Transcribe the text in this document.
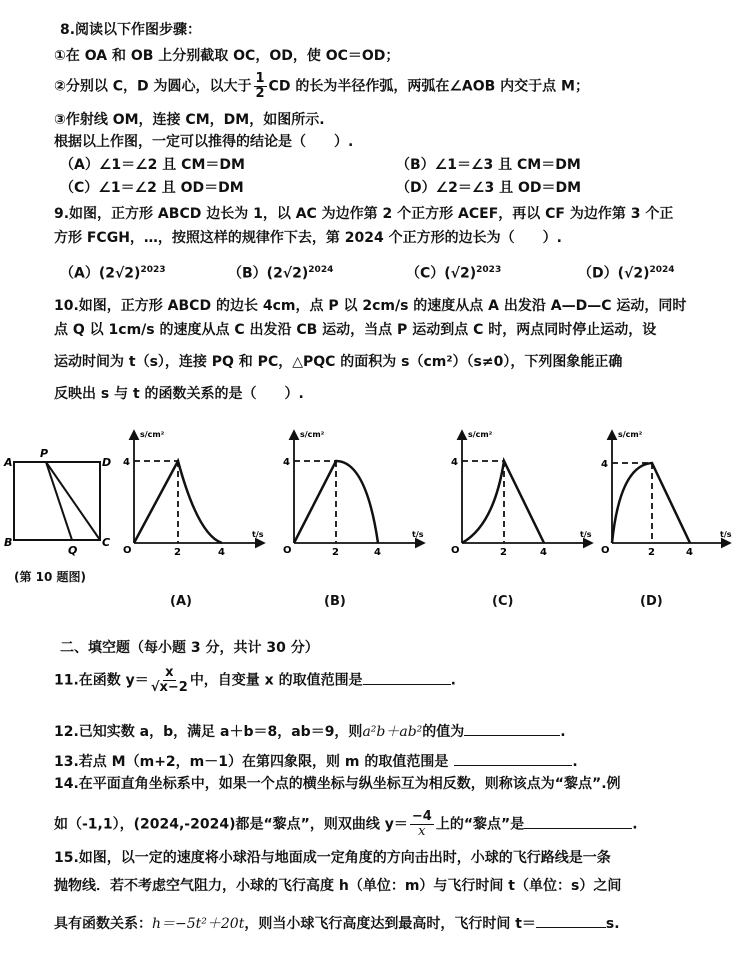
8.阅读以下作图步骤：
①在 OA 和 OB 上分别截取 OC，OD，使 OC＝OD；
②分别以 C，D 为圆心，以大于 $\frac{1}{2}$ CD 的长为半径作弧，两弧在∠AOB 内交于点 M；
③作射线 OM，连接 CM，DM，如图所示.
根据以上作图，一定可以推得的结论是（　　）.
（A）∠1＝∠2 且 CM＝DM	（B）∠1＝∠3 且 CM＝DM
（C）∠1＝∠2 且 OD＝DM	（D）∠2＝∠3 且 OD＝DM
9.如图，正方形 ABCD 边长为 1，以 AC 为边作第 2 个正方形 ACEF，再以 CF 为边作第 3 个正
方形 FCGH，…，按照这样的规律作下去，第 2024 个正方形的边长为（　　）.
$(A)(2√2)^{2023}$	$(B)(2√2)^{2024}$	$(C)(√2)^{2023}$	$(D)(√2)^{2024}$
10.如图，正方形 ABCD 的边长 4cm，点 P 以 2cm/s 的速度从点 A 出发沿 A—D—C 运动，同时
点 Q 以 1cm/s 的速度从点 C 出发沿 CB 运动，当点 P 运动到点 C 时，两点同时停止运动，设
运动时间为 t（s），连接 PQ 和 PC，△PQC 的面积为 s（cm²）（s≠0），下列图象能正确
反映出 s 与 t 的函数关系的是（　　）.
A
P
D
B
Q
C
(第 10 题图)
s/cm²
t/s
4
O	2	4
s/cm²
t/s
4
O	2	4
s/cm²
t/s
4
O	2	4
s/cm²
t/s
4
O	2	4
(A)	(B)	(C)	(D)
二、填空题（每小题 3 分，共计 30 分）
11.在函数 $y= \frac{x}{√x-2}$ 中，自变量 x 的取值范围是	.
12.已知实数 a，b，满足 a＋b＝8，ab＝9，则a²b＋ab²的值为	.
13.若点 M（m+2，m－1）在第四象限，则 m 的取值范围是	.
14.在平面直角坐标系中，如果一个点的横坐标与纵坐标互为相反数，则称该点为“黎点”.例
如（-1,1），(2024,-2024)都是“黎点”，则双曲线 $y= \frac{-4}{x}$ 上的“黎点”是	.
15.如图，以一定的速度将小球沿与地面成一定角度的方向击出时，小球的飞行路线是一条
抛物线．若不考虑空气阻力，小球的飞行高度 h（单位：m）与飞行时间 t（单位：s）之间
具有函数关系：h＝−5t²＋20t，则当小球飞行高度达到最高时，飞行时间 t＝	s.
